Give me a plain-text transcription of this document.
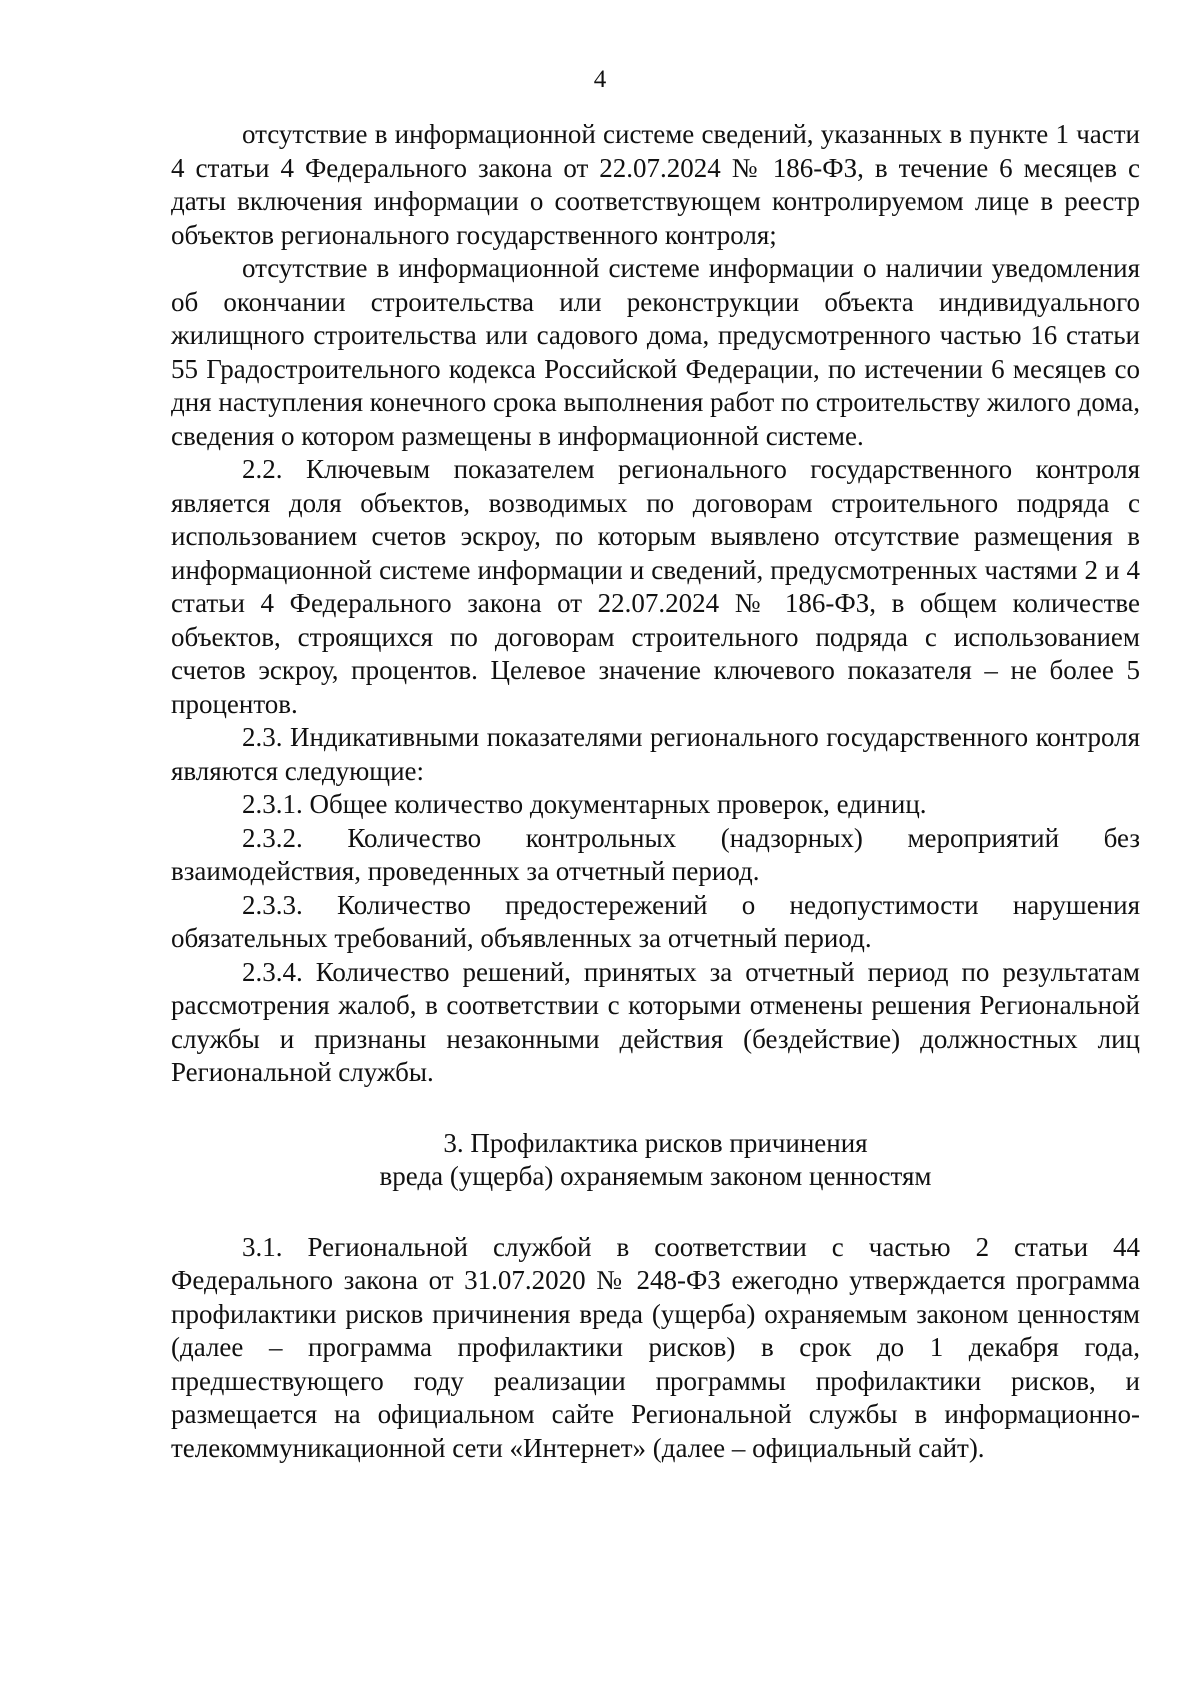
4

отсутствие в информационной системе сведений, указанных в пункте 1 части 4 статьи 4 Федерального закона от 22.07.2024 № 186-ФЗ, в течение 6 месяцев с даты включения информации о соответствующем контролируемом лице в реестр объектов регионального государственного контроля;

отсутствие в информационной системе информации о наличии уведомления об окончании строительства или реконструкции объекта индивидуального жилищного строительства или садового дома, предусмотренного частью 16 статьи 55 Градостроительного кодекса Российской Федерации, по истечении 6 месяцев со дня наступления конечного срока выполнения работ по строительству жилого дома, сведения о котором размещены в информационной системе.

2.2. Ключевым показателем регионального государственного контроля является доля объектов, возводимых по договорам строительного подряда с использованием счетов эскроу, по которым выявлено отсутствие размещения в информационной системе информации и сведений, предусмотренных частями 2 и 4 статьи 4 Федерального закона от 22.07.2024 № 186-ФЗ, в общем количестве объектов, строящихся по договорам строительного подряда с использованием счетов эскроу, процентов. Целевое значение ключевого показателя – не более 5 процентов.

2.3. Индикативными показателями регионального государственного контроля являются следующие:

2.3.1. Общее количество документарных проверок, единиц.

2.3.2. Количество контрольных (надзорных) мероприятий без взаимодействия, проведенных за отчетный период.

2.3.3. Количество предостережений о недопустимости нарушения обязательных требований, объявленных за отчетный период.

2.3.4. Количество решений, принятых за отчетный период по результатам рассмотрения жалоб, в соответствии с которыми отменены решения Региональной службы и признаны незаконными действия (бездействие) должностных лиц Региональной службы.

3. Профилактика рисков причинения

вреда (ущерба) охраняемым законом ценностям

3.1. Региональной службой в соответствии с частью 2 статьи 44 Федерального закона от 31.07.2020 № 248-ФЗ ежегодно утверждается программа профилактики рисков причинения вреда (ущерба) охраняемым законом ценностям (далее – программа профилактики рисков) в срок до 1 декабря года, предшествующего году реализации программы профилактики рисков, и размещается на официальном сайте Региональной службы в информационно-телекоммуникационной сети «Интернет» (далее – официальный сайт).
